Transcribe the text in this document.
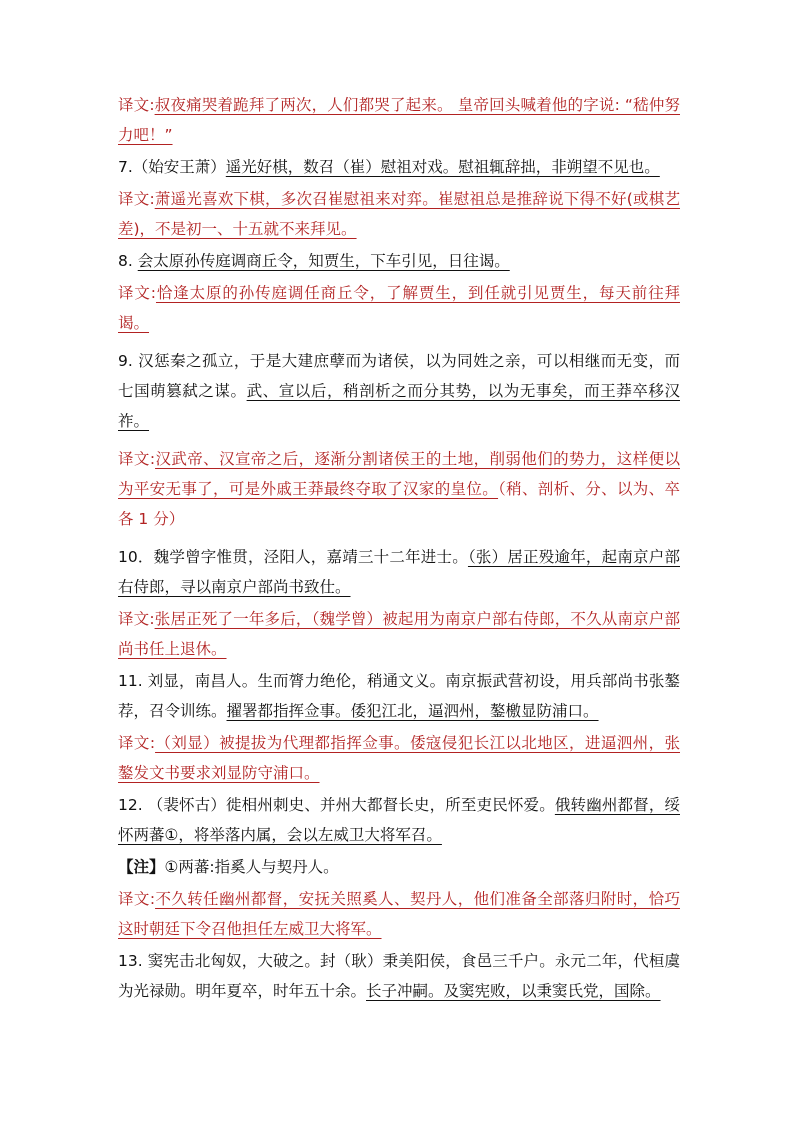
译文:叔夜痛哭着跪拜了两次，人们都哭了起来。 皇帝回头喊着他的字说: “嵇仲努力吧！”

7.（始安王萧）遥光好棋，数召（崔）慰祖对戏。慰祖辄辞拙，非朔望不见也。

译文:萧遥光喜欢下棋，多次召崔慰祖来对弈。崔慰祖总是推辞说下得不好(或棋艺差)，不是初一、十五就不来拜见。

8. 会太原孙传庭调商丘令，知贾生，下车引见，日往谒。

译文:恰逢太原的孙传庭调任商丘令，了解贾生，到任就引见贾生，每天前往拜谒。

9. 汉惩秦之孤立，于是大建庶孽而为诸侯，以为同姓之亲，可以相继而无变，而七国萌篡弑之谋。武、宣以后，稍剖析之而分其势，以为无事矣，而王莽卒移汉祚。

译文:汉武帝、汉宣帝之后，逐渐分割诸侯王的土地，削弱他们的势力，这样便以为平安无事了，可是外戚王莽最终夺取了汉家的皇位。（稍、剖析、分、以为、卒各 1 分）

10．魏学曾字惟贯，泾阳人，嘉靖三十二年进士。（张）居正殁逾年，起南京户部右侍郎，寻以南京户部尚书致仕。

译文:张居正死了一年多后，（魏学曾）被起用为南京户部右侍郎，不久从南京户部尚书任上退休。

11. 刘显，南昌人。生而膂力绝伦，稍通文义。南京振武营初设，用兵部尚书张鏊荐，召令训练。擢署都指挥佥事。倭犯江北，逼泗州，鏊檄显防浦口。

译文:（刘显）被提拔为代理都指挥佥事。倭寇侵犯长江以北地区，进逼泗州，张鏊发文书要求刘显防守浦口。

12. （裴怀古）徙相州刺史、并州大都督长史，所至吏民怀爱。俄转幽州都督，绥怀两蕃①，将举落内属，会以左威卫大将军召。

【注】①两蕃:指奚人与契丹人。

译文:不久转任幽州都督，安抚关照奚人、契丹人，他们准备全部落归附时，恰巧这时朝廷下令召他担任左威卫大将军。

13. 窦宪击北匈奴，大破之。封（耿）秉美阳侯，食邑三千户。永元二年，代桓虞为光禄勋。明年夏卒，时年五十余。长子冲嗣。及窦宪败，以秉窦氏党，国除。
